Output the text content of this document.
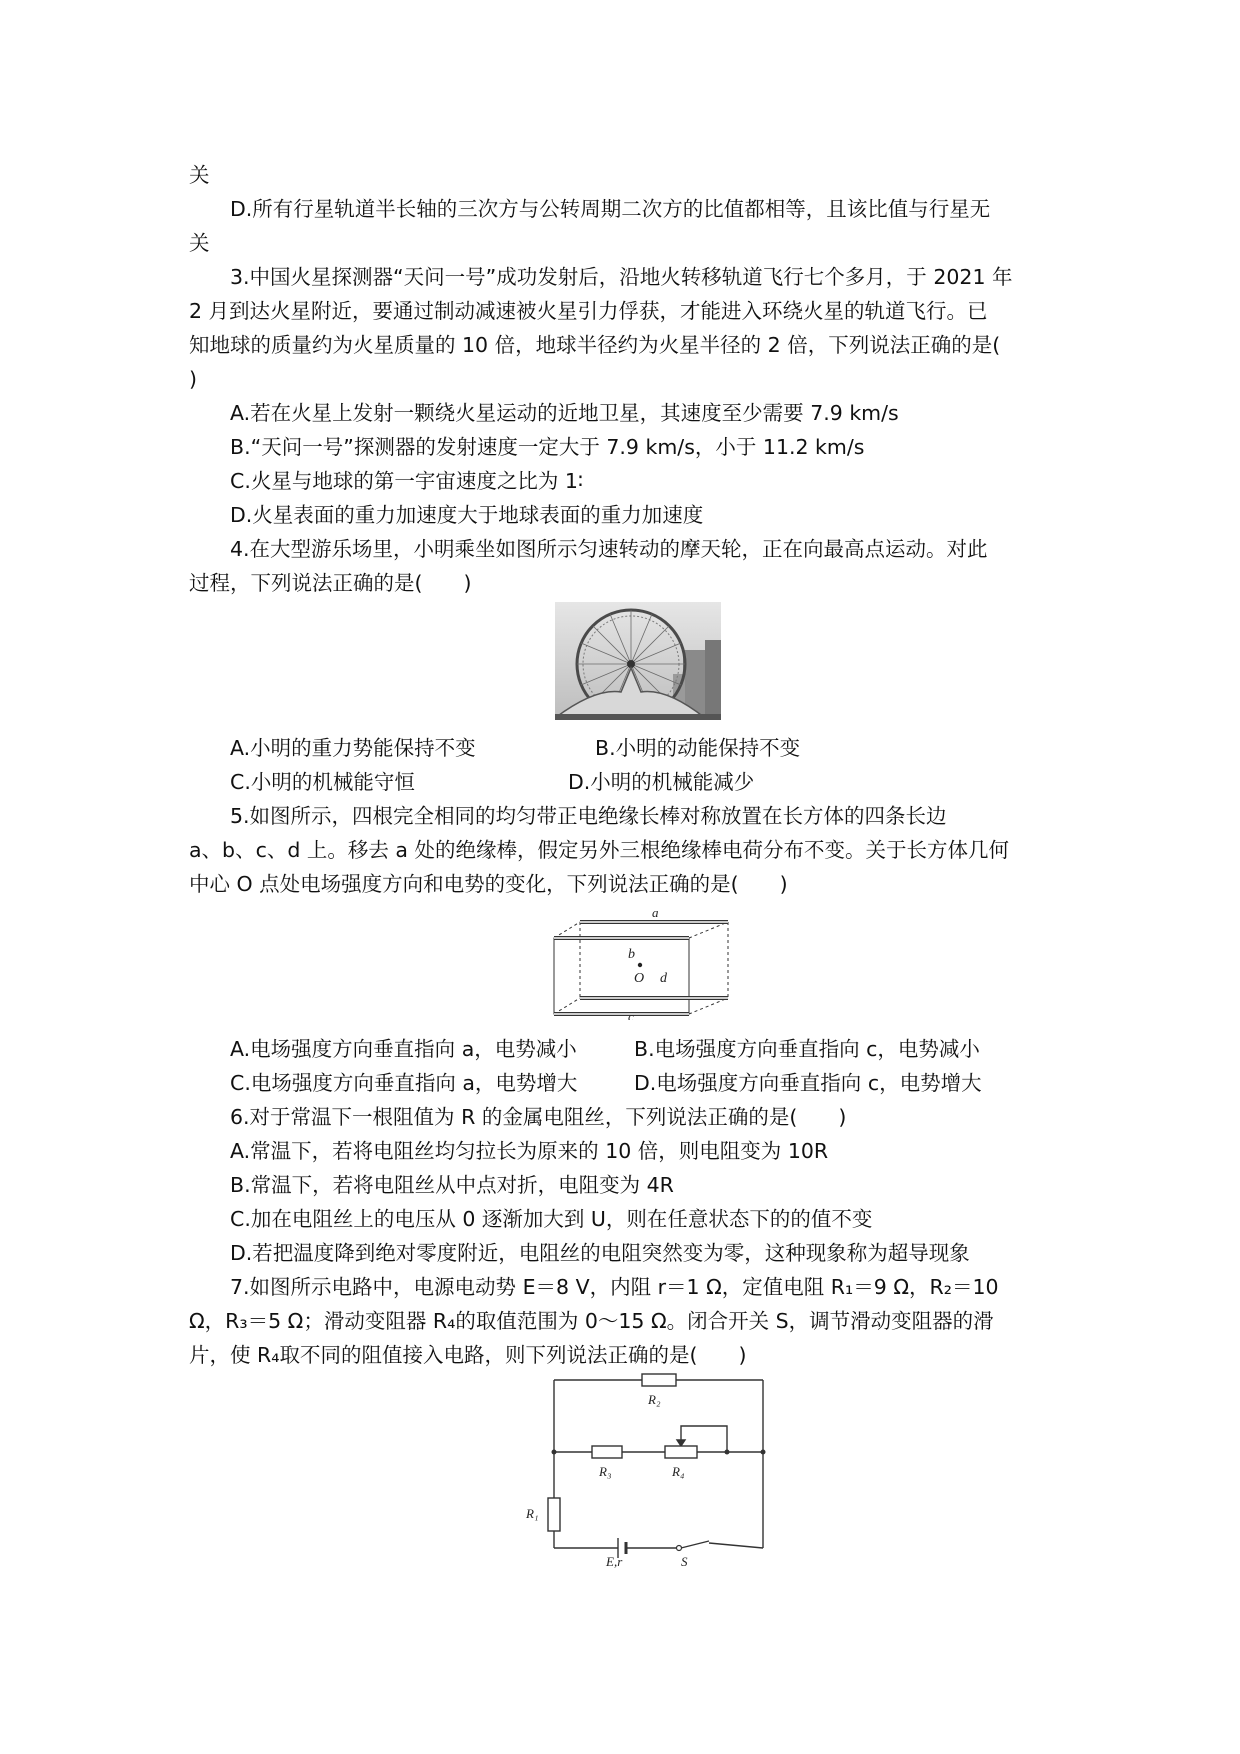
关
D.所有行星轨道半长轴的三次方与公转周期二次方的比值都相等，且该比值与行星无
关
3.中国火星探测器“天问一号”成功发射后，沿地火转移轨道飞行七个多月，于 2021 年
2 月到达火星附近，要通过制动减速被火星引力俘获，才能进入环绕火星的轨道飞行。已
知地球的质量约为火星质量的 10 倍，地球半径约为火星半径的 2 倍，下列说法正确的是(
)
A.若在火星上发射一颗绕火星运动的近地卫星，其速度至少需要 7.9 km/s
B.“天问一号”探测器的发射速度一定大于 7.9 km/s，小于 11.2 km/s
C.火星与地球的第一宇宙速度之比为 1∶
D.火星表面的重力加速度大于地球表面的重力加速度
4.在大型游乐场里，小明乘坐如图所示匀速转动的摩天轮，正在向最高点运动。对此
过程，下列说法正确的是(　　)
A.小明的重力势能保持不变	B.小明的动能保持不变
C.小明的机械能守恒	D.小明的机械能减少
5.如图所示，四根完全相同的均匀带正电绝缘长棒对称放置在长方体的四条长边
a、b、c、d 上。移去 a 处的绝缘棒，假定另外三根绝缘棒电荷分布不变。关于长方体几何
中心 O 点处电场强度方向和电势的变化，下列说法正确的是(　　)
a
b
O d
c
A.电场强度方向垂直指向 a，电势减小	B.电场强度方向垂直指向 c，电势减小
C.电场强度方向垂直指向 a，电势增大	D.电场强度方向垂直指向 c，电势增大
6.对于常温下一根阻值为 R 的金属电阻丝，下列说法正确的是(　　)
A.常温下，若将电阻丝均匀拉长为原来的 10 倍，则电阻变为 10R
B.常温下，若将电阻丝从中点对折，电阻变为 4R
C.加在电阻丝上的电压从 0 逐渐加大到 U，则在任意状态下的的值不变
D.若把温度降到绝对零度附近，电阻丝的电阻突然变为零，这种现象称为超导现象
7.如图所示电路中，电源电动势 E＝8 V，内阻 r＝1 Ω，定值电阻 R₁＝9 Ω，R₂＝10
Ω，R₃＝5 Ω；滑动变阻器 R₄的取值范围为 0～15 Ω。闭合开关 S，调节滑动变阻器的滑
片，使 R₄取不同的阻值接入电路，则下列说法正确的是(　　)
R₂
R₃	R₄
R₁
E,r	S
